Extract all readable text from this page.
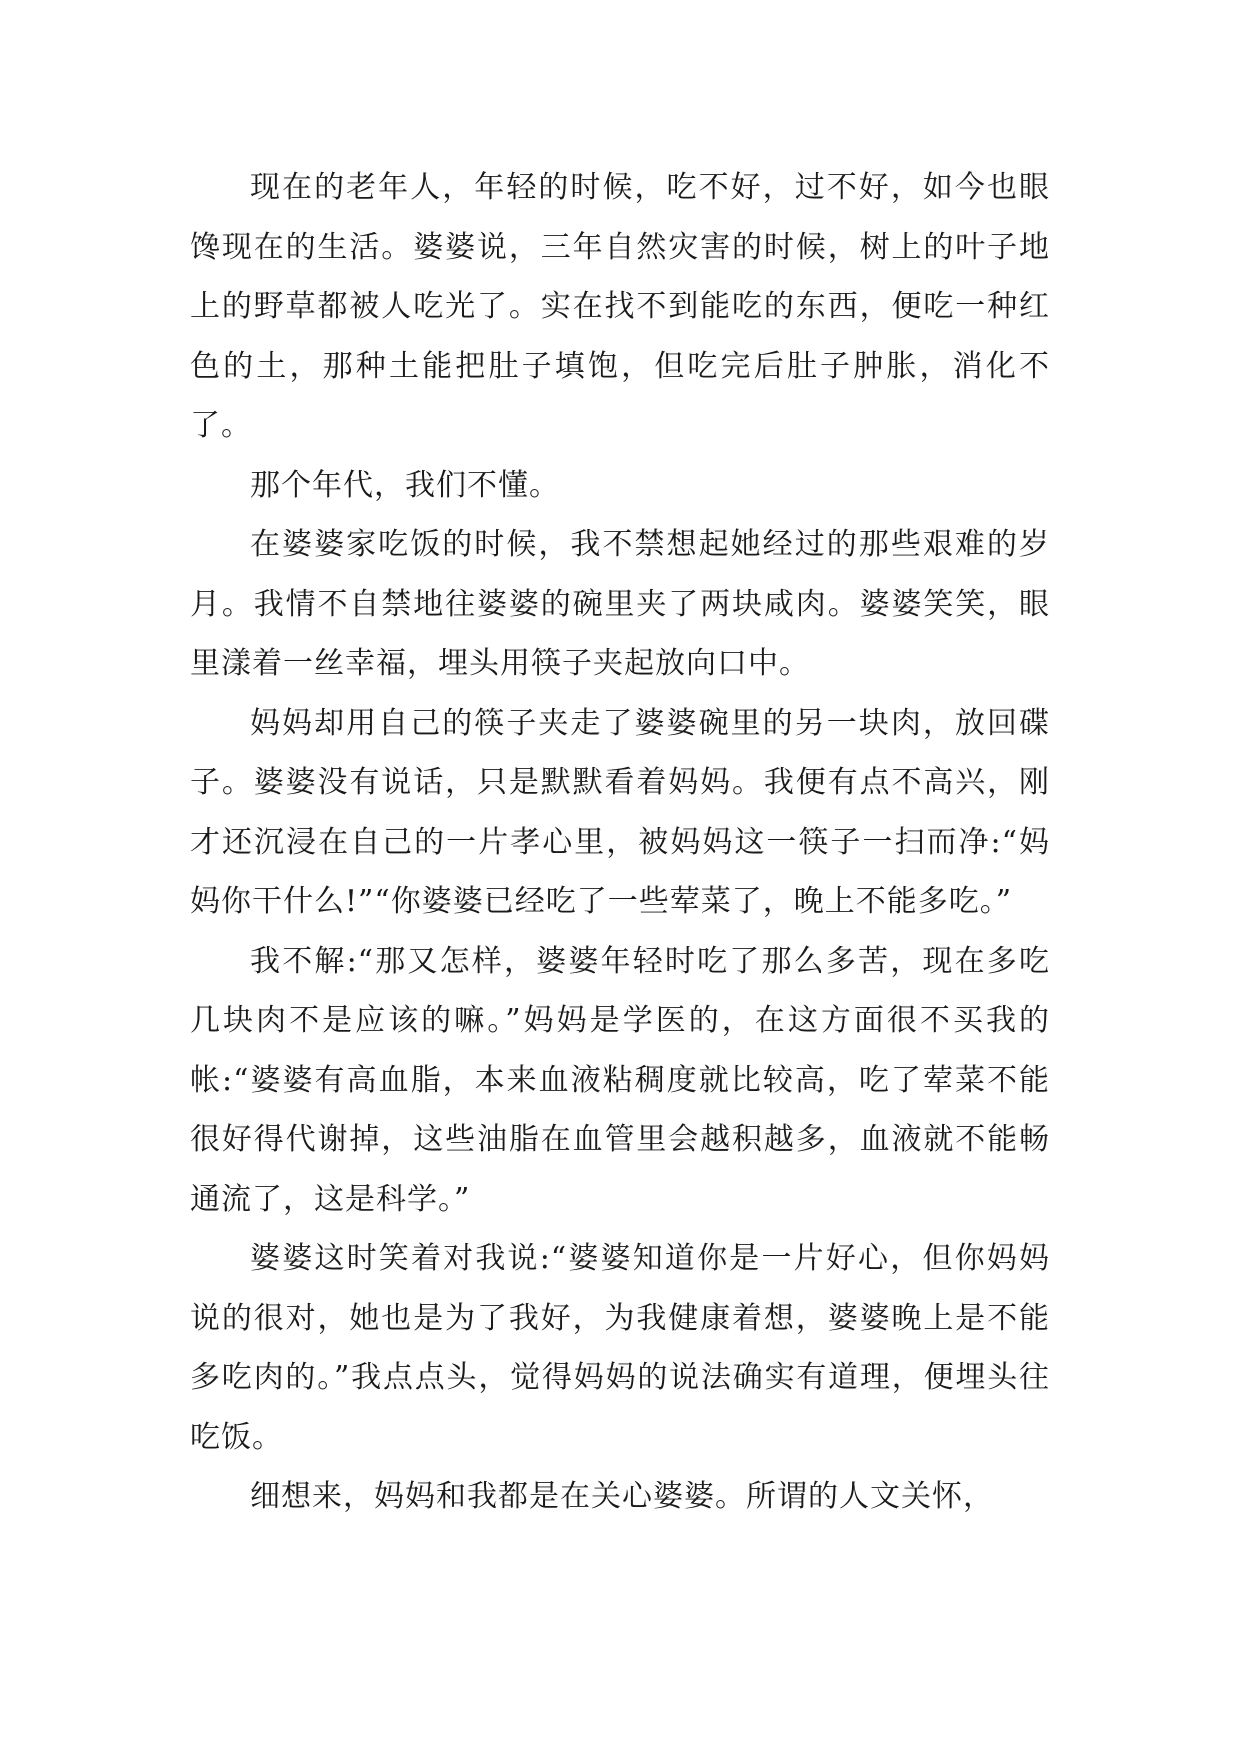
现在的老年人，年轻的时候，吃不好，过不好，如今也眼馋现在的生活。婆婆说，三年自然灾害的时候，树上的叶子地上的野草都被人吃光了。实在找不到能吃的东西，便吃一种红色的土，那种土能把肚子填饱，但吃完后肚子肿胀，消化不了。

那个年代，我们不懂。

在婆婆家吃饭的时候，我不禁想起她经过的那些艰难的岁月。我情不自禁地往婆婆的碗里夹了两块咸肉。婆婆笑笑，眼里漾着一丝幸福，埋头用筷子夹起放向口中。

妈妈却用自己的筷子夹走了婆婆碗里的另一块肉，放回碟子。婆婆没有说话，只是默默看着妈妈。我便有点不高兴，刚才还沉浸在自己的一片孝心里，被妈妈这一筷子一扫而净:“妈妈你干什么!”“你婆婆已经吃了一些荤菜了，晚上不能多吃。”

我不解:“那又怎样，婆婆年轻时吃了那么多苦，现在多吃几块肉不是应该的嘛。”妈妈是学医的，在这方面很不买我的帐:“婆婆有高血脂，本来血液粘稠度就比较高，吃了荤菜不能很好得代谢掉，这些油脂在血管里会越积越多，血液就不能畅通流了，这是科学。”

婆婆这时笑着对我说:“婆婆知道你是一片好心，但你妈妈说的很对，她也是为了我好，为我健康着想，婆婆晚上是不能多吃肉的。”我点点头，觉得妈妈的说法确实有道理，便埋头往吃饭。

细想来，妈妈和我都是在关心婆婆。所谓的人文关怀，
